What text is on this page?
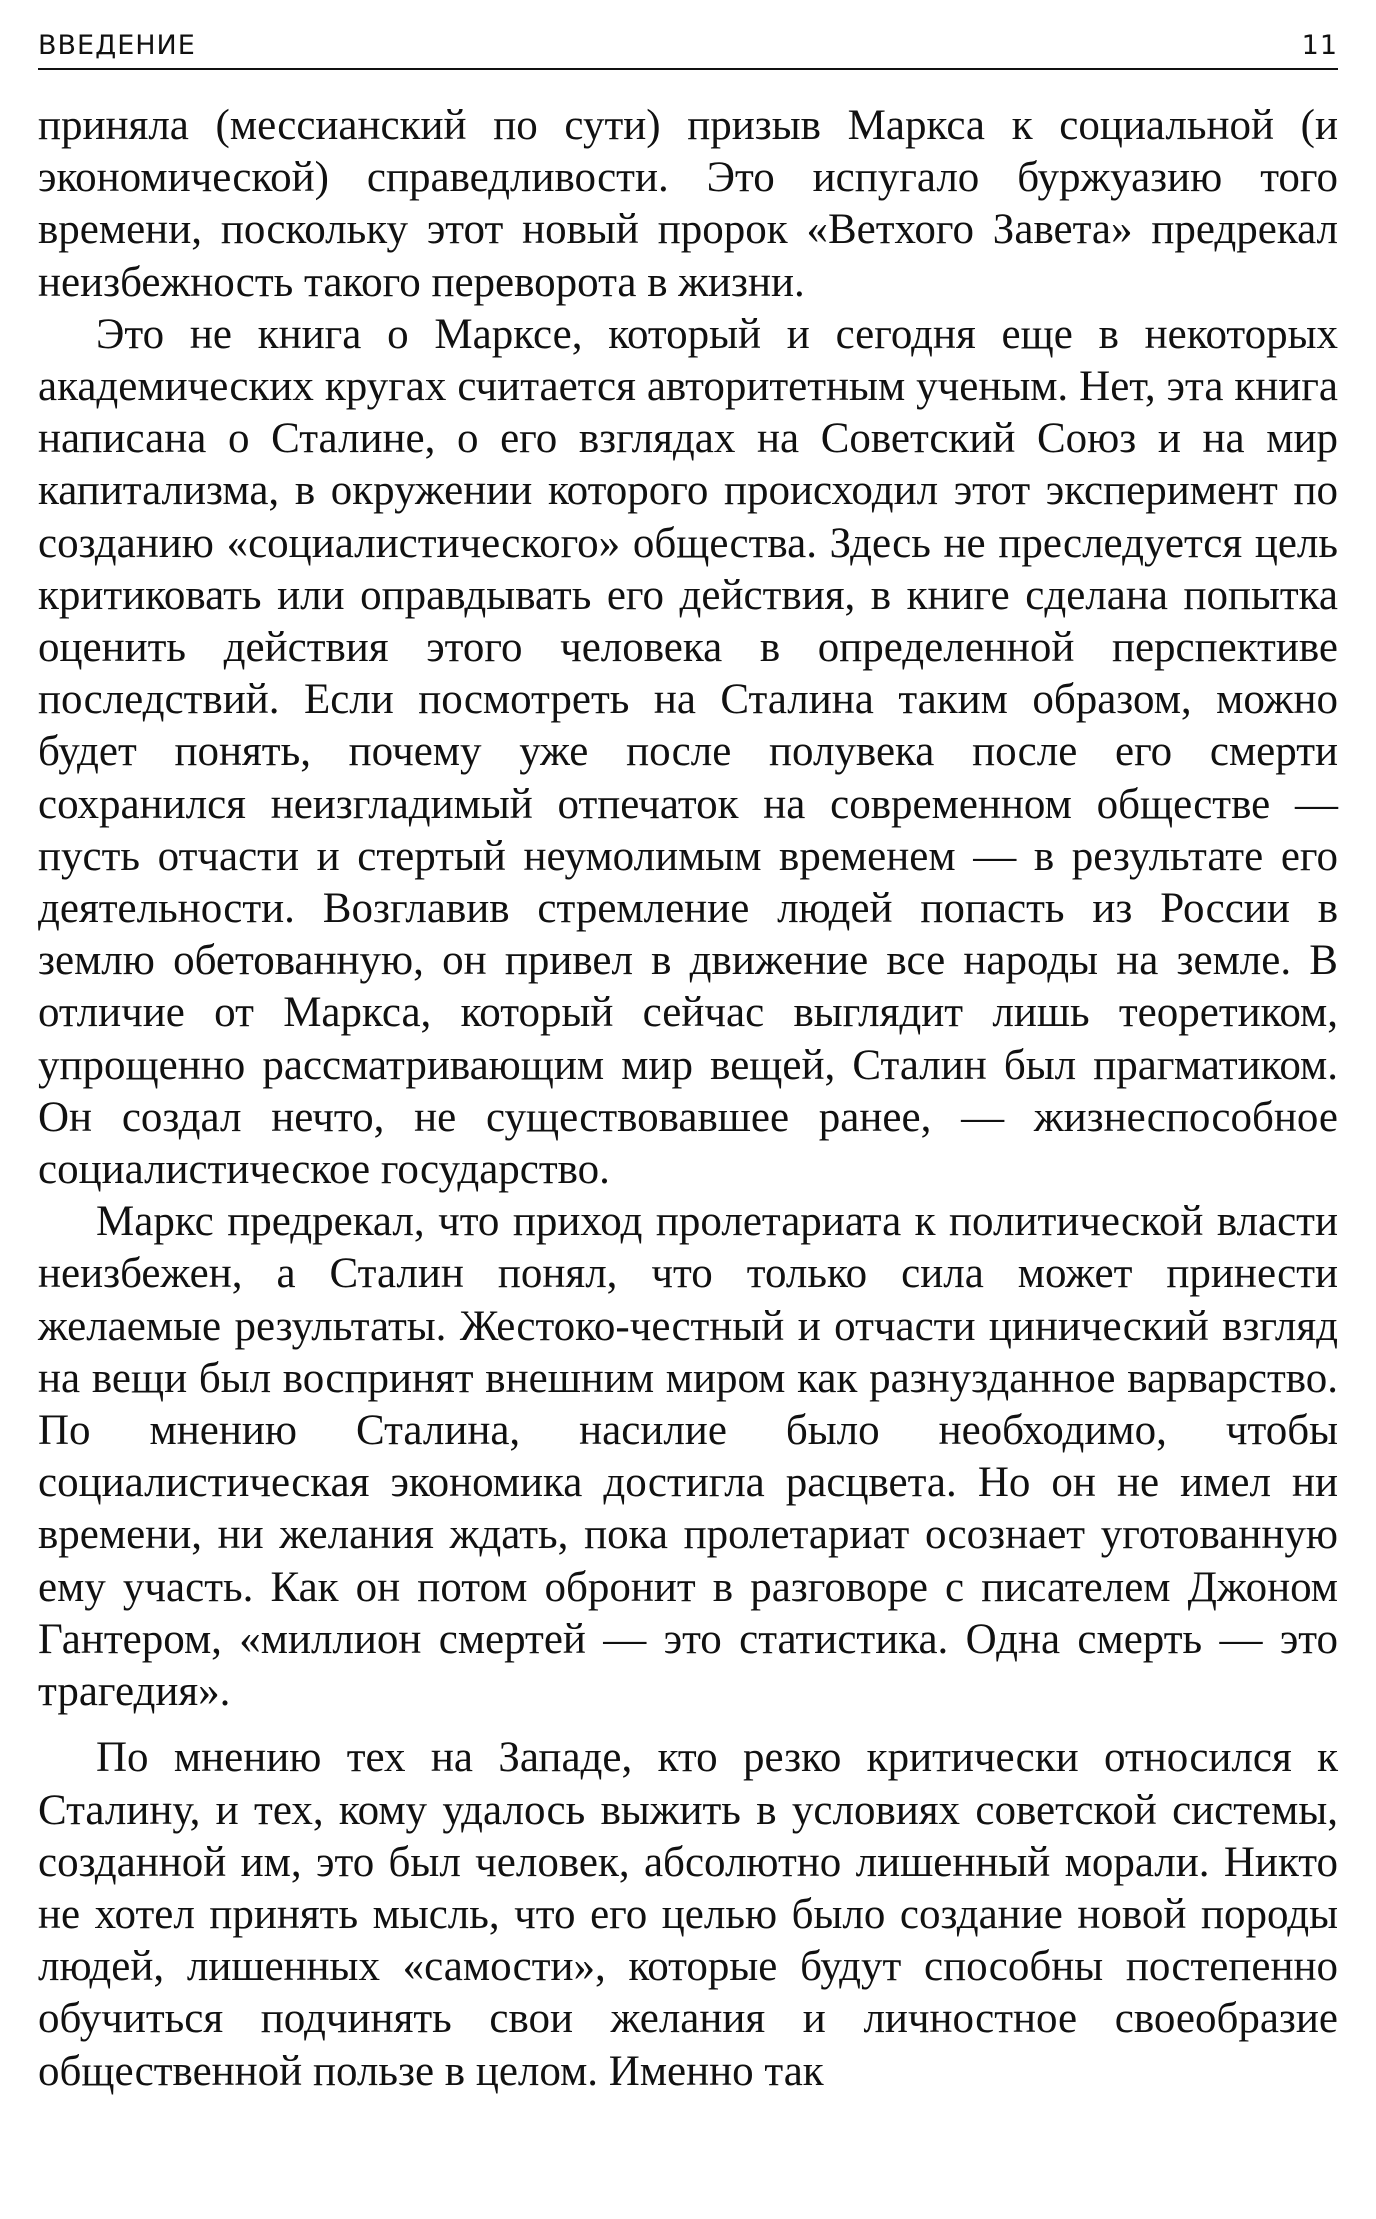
ВВЕДЕНИЕ	11

приняла (мессианский по сути) призыв Маркса к социальной (и экономической) справедливости. Это испугало буржуазию того времени, поскольку этот новый пророк «Ветхого Завета» предрекал неизбежность такого переворота в жизни.

Это не книга о Марксе, который и сегодня еще в некоторых академических кругах считается авторитетным ученым. Нет, эта книга написана о Сталине, о его взглядах на Советский Союз и на мир капитализма, в окружении которого происходил этот эксперимент по созданию «социалистического» общества. Здесь не преследуется цель критиковать или оправдывать его действия, в книге сделана попытка оценить действия этого человека в определенной перспективе последствий. Если посмотреть на Сталина таким образом, можно будет понять, почему уже после полувека после его смерти сохранился неизгладимый отпечаток на современном обществе — пусть отчасти и стертый неумолимым временем — в результате его деятельности. Возглавив стремление людей попасть из России в землю обетованную, он привел в движение все народы на земле. В отличие от Маркса, который сейчас выглядит лишь теоретиком, упрощенно рассматривающим мир вещей, Сталин был прагматиком. Он создал нечто, не существовавшее ранее, — жизнеспособное социалистическое государство.

Маркс предрекал, что приход пролетариата к политической власти неизбежен, а Сталин понял, что только сила может принести желаемые результаты. Жестоко-честный и отчасти цинический взгляд на вещи был воспринят внешним миром как разнузданное варварство. По мнению Сталина, насилие было необходимо, чтобы социалистическая экономика достигла расцвета. Но он не имел ни времени, ни желания ждать, пока пролетариат осознает уготованную ему участь. Как он потом обронит в разговоре с писателем Джоном Гантером, «миллион смертей — это статистика. Одна смерть — это трагедия».

По мнению тех на Западе, кто резко критически относился к Сталину, и тех, кому удалось выжить в условиях советской системы, созданной им, это был человек, абсолютно лишенный морали. Никто не хотел принять мысль, что его целью было создание новой породы людей, лишенных «самости», которые будут способны постепенно обучиться подчинять свои желания и личностное своеобразие общественной пользе в целом. Именно так
